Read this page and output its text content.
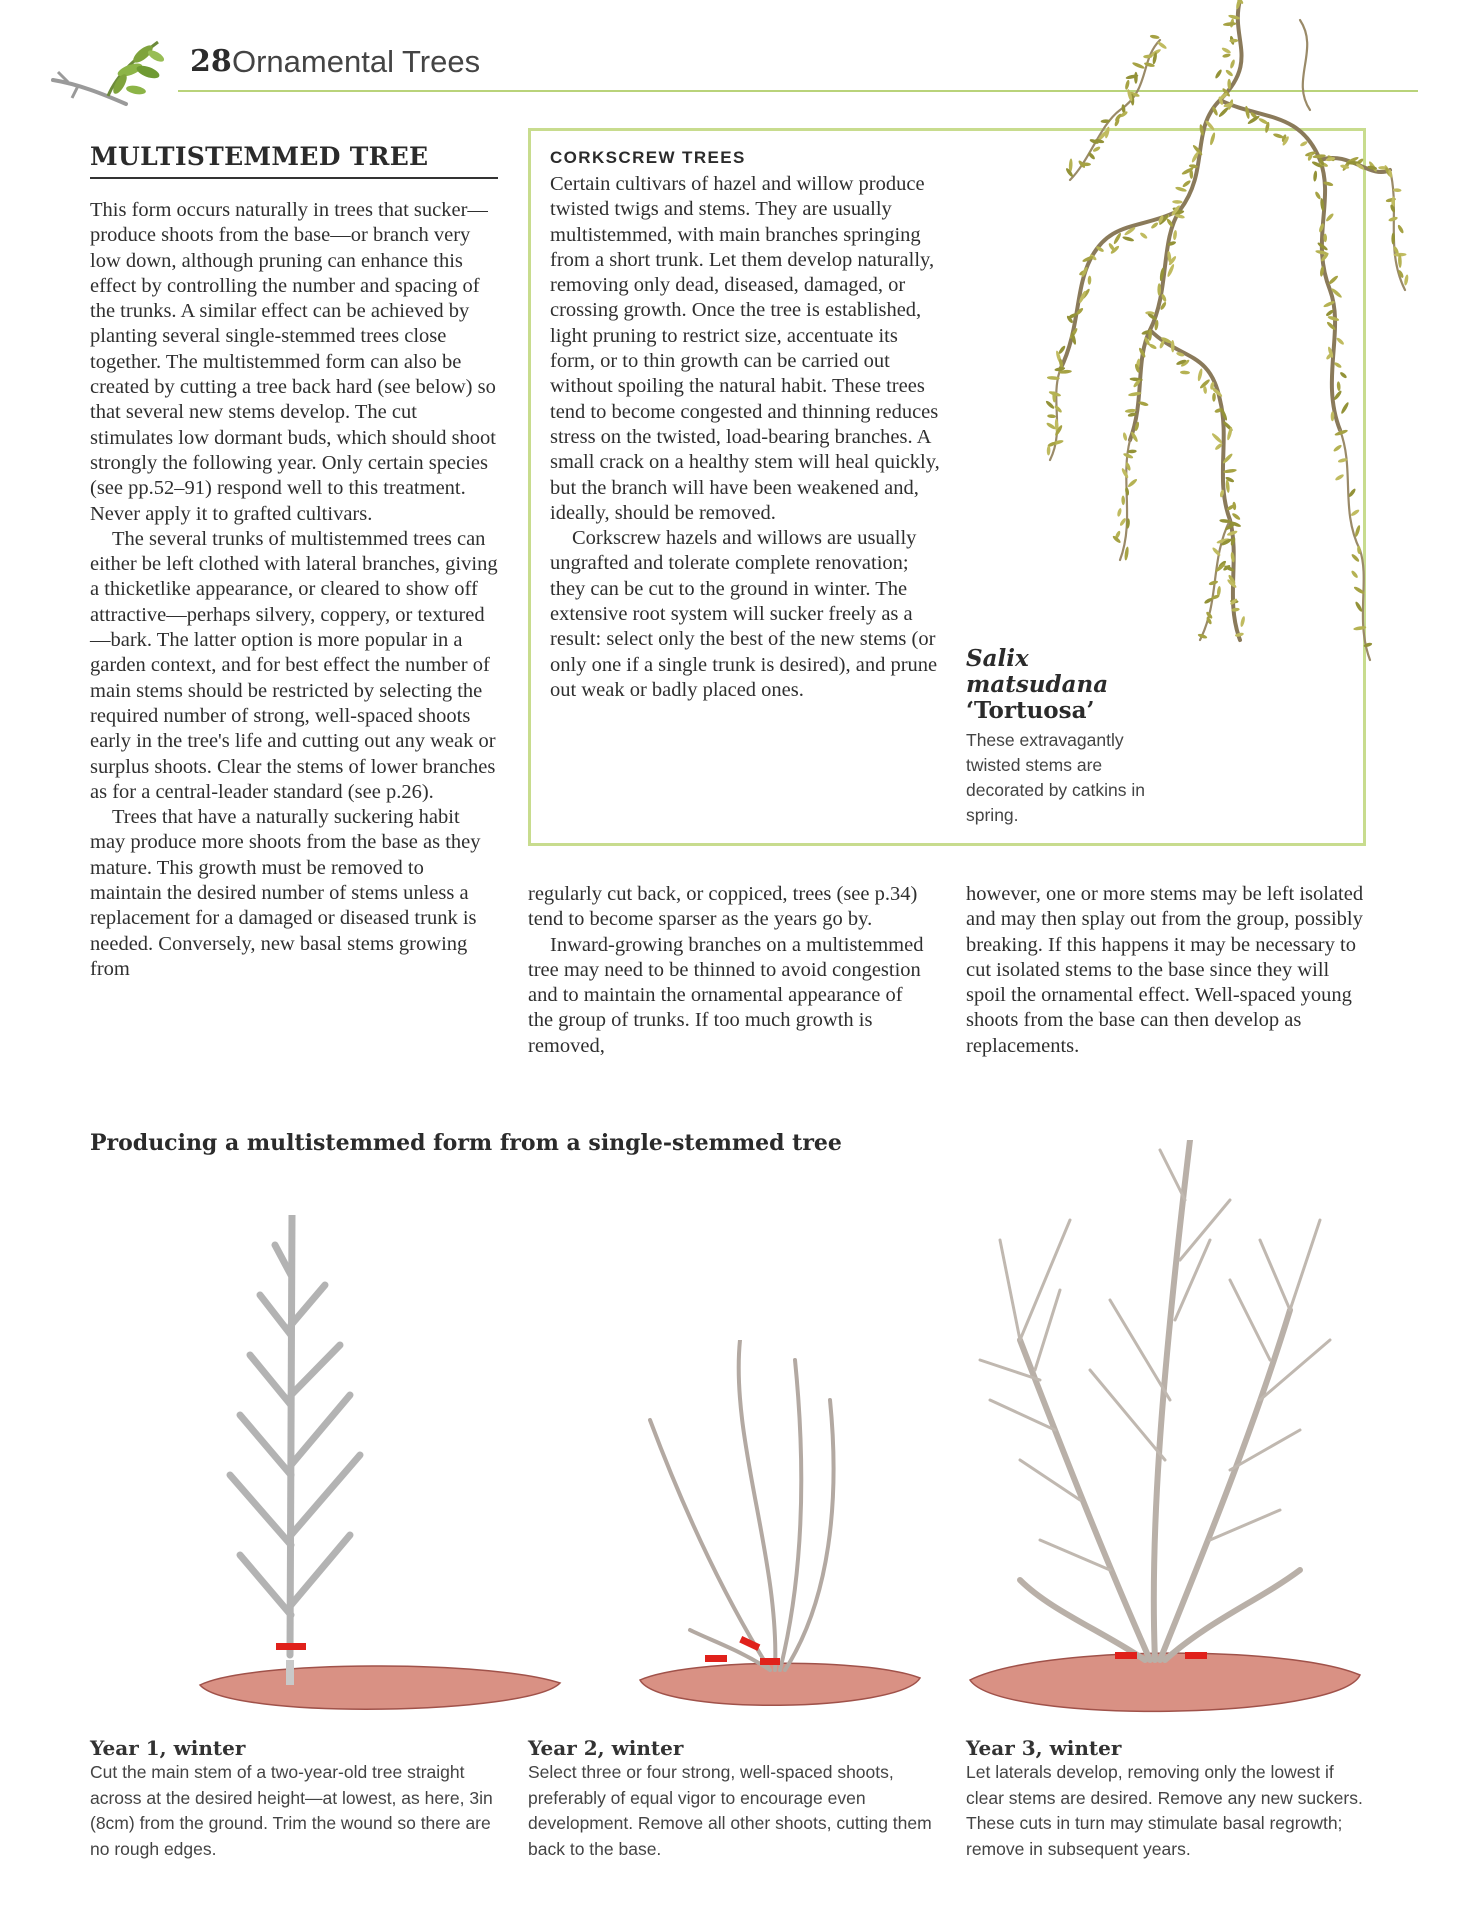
28 Ornamental Trees
MULTISTEMMED TREE

This form occurs naturally in trees that sucker—produce shoots from the base—or branch very low down, although pruning can enhance this effect by controlling the number and spacing of the trunks. A similar effect can be achieved by planting several single-stemmed trees close together. The multistemmed form can also be created by cutting a tree back hard (see below) so that several new stems develop. The cut stimulates low dormant buds, which should shoot strongly the following year. Only certain species (see pp.52–91) respond well to this treatment. Never apply it to grafted cultivars.

The several trunks of multistemmed trees can either be left clothed with lateral branches, giving a thicketlike appearance, or cleared to show off attractive—perhaps silvery, coppery, or textured—bark. The latter option is more popular in a garden context, and for best effect the number of main stems should be restricted by selecting the required number of strong, well-spaced shoots early in the tree's life and cutting out any weak or surplus shoots. Clear the stems of lower branches as for a central-leader standard (see p.26).

Trees that have a naturally suckering habit may produce more shoots from the base as they mature. This growth must be removed to maintain the desired number of stems unless a replacement for a damaged or diseased trunk is needed. Conversely, new basal stems growing from

regularly cut back, or coppiced, trees (see p.34) tend to become sparser as the years go by.

Inward-growing branches on a multistemmed tree may need to be thinned to avoid congestion and to maintain the ornamental appearance of the group of trunks. If too much growth is removed,

however, one or more stems may be left isolated and may then splay out from the group, possibly breaking. If this happens it may be necessary to cut isolated stems to the base since they will spoil the ornamental effect. Well-spaced young shoots from the base can then develop as replacements.

CORKSCREW TREES

Certain cultivars of hazel and willow produce twisted twigs and stems. They are usually multistemmed, with main branches springing from a short trunk. Let them develop naturally, removing only dead, diseased, damaged, or crossing growth. Once the tree is established, light pruning to restrict size, accentuate its form, or to thin growth can be carried out without spoiling the natural habit. These trees tend to become congested and thinning reduces stress on the twisted, load-bearing branches. A small crack on a healthy stem will heal quickly, but the branch will have been weakened and, ideally, should be removed.

Corkscrew hazels and willows are usually ungrafted and tolerate complete renovation; they can be cut to the ground in winter. The extensive root system will sucker freely as a result: select only the best of the new stems (or only one if a single trunk is desired), and prune out weak or badly placed ones.

Salix
matsudana
‘Tortuosa’
These extravagantly twisted stems are decorated by catkins in spring.
Producing a multistemmed form from a single-stemmed tree
Year 1, winter
Cut the main stem of a two-year-old tree straight across at the desired height—at lowest, as here, 3in (8cm) from the ground. Trim the wound so there are no rough edges.
Year 2, winter
Select three or four strong, well-spaced shoots, preferably of equal vigor to encourage even development. Remove all other shoots, cutting them back to the base.
Year 3, winter
Let laterals develop, removing only the lowest if clear stems are desired. Remove any new suckers. These cuts in turn may stimulate basal regrowth; remove in subsequent years.
